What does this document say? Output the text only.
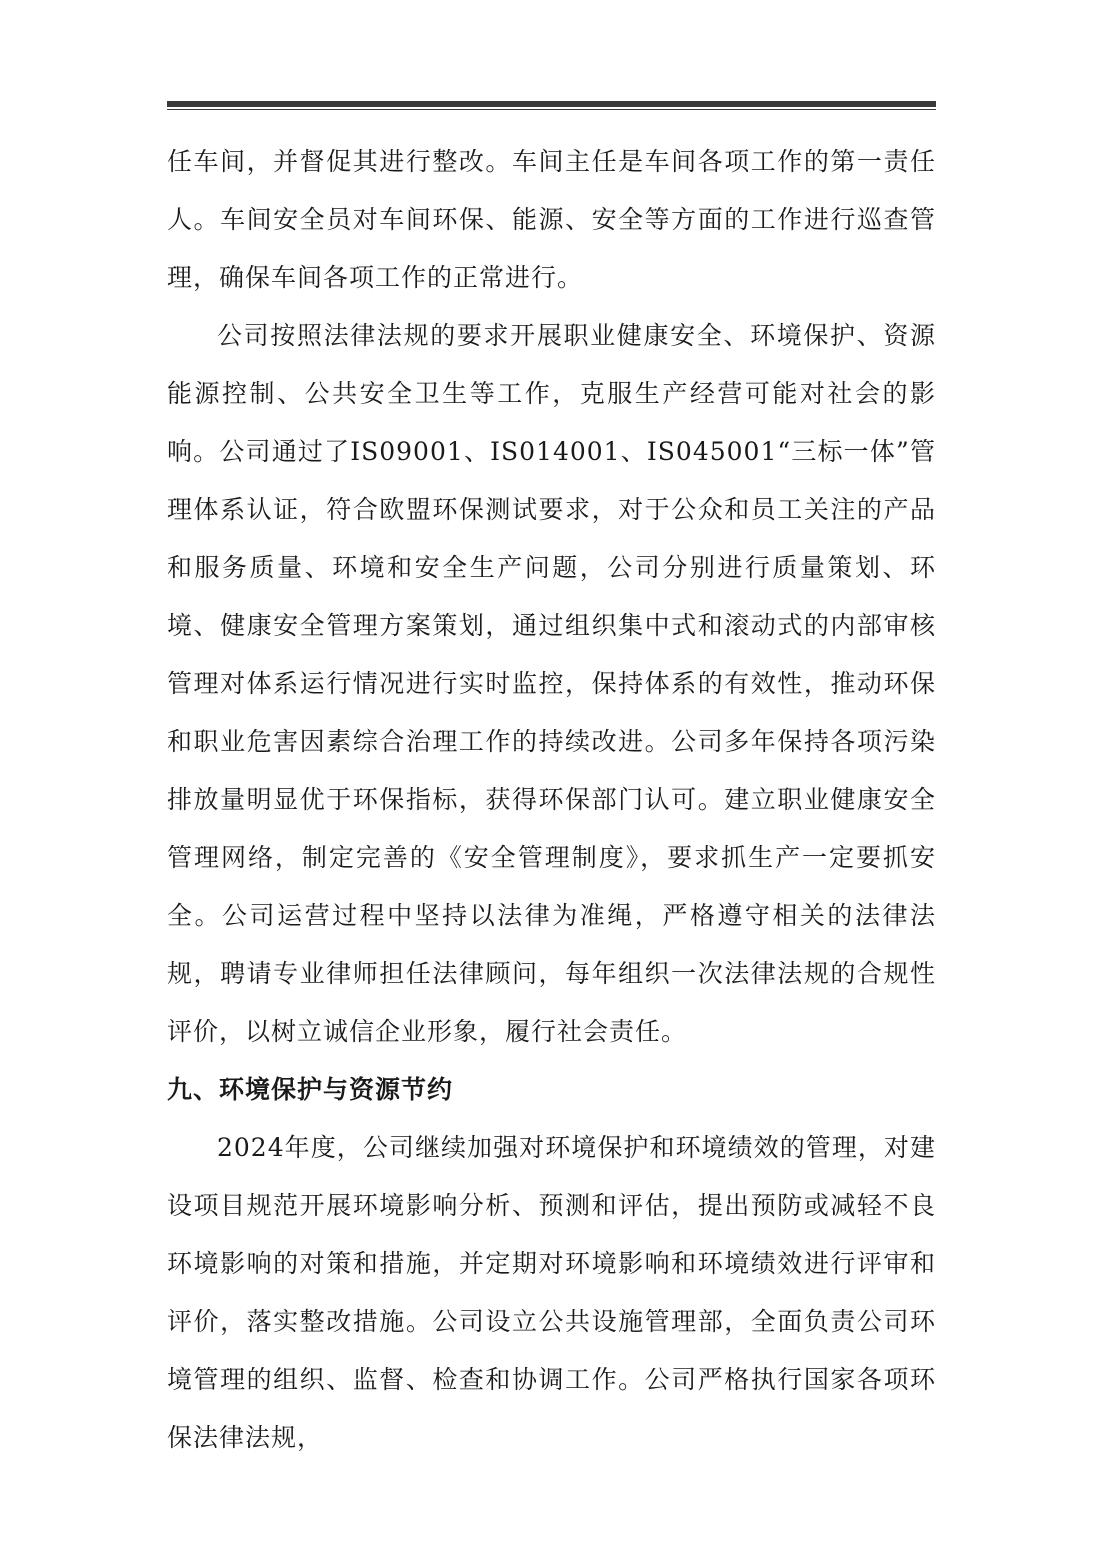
任车间，并督促其进行整改。车间主任是车间各项工作的第一责任人。车间安全员对车间环保、能源、安全等方面的工作进行巡查管理，确保车间各项工作的正常进行。

公司按照法律法规的要求开展职业健康安全、环境保护、资源能源控制、公共安全卫生等工作，克服生产经营可能对社会的影响。公司通过了IS09001、IS014001、IS045001“三标一体”管理体系认证，符合欧盟环保测试要求，对于公众和员工关注的产品和服务质量、环境和安全生产问题，公司分别进行质量策划、环境、健康安全管理方案策划，通过组织集中式和滚动式的内部审核管理对体系运行情况进行实时监控，保持体系的有效性，推动环保和职业危害因素综合治理工作的持续改进。公司多年保持各项污染排放量明显优于环保指标，获得环保部门认可。建立职业健康安全管理网络，制定完善的《安全管理制度》，要求抓生产一定要抓安全。公司运营过程中坚持以法律为准绳，严格遵守相关的法律法规，聘请专业律师担任法律顾问，每年组织一次法律法规的合规性评价，以树立诚信企业形象，履行社会责任。

九、环境保护与资源节约

2024年度，公司继续加强对环境保护和环境绩效的管理，对建设项目规范开展环境影响分析、预测和评估，提出预防或减轻不良环境影响的对策和措施，并定期对环境影响和环境绩效进行评审和评价，落实整改措施。公司设立公共设施管理部，全面负责公司环境管理的组织、监督、检查和协调工作。公司严格执行国家各项环保法律法规，
